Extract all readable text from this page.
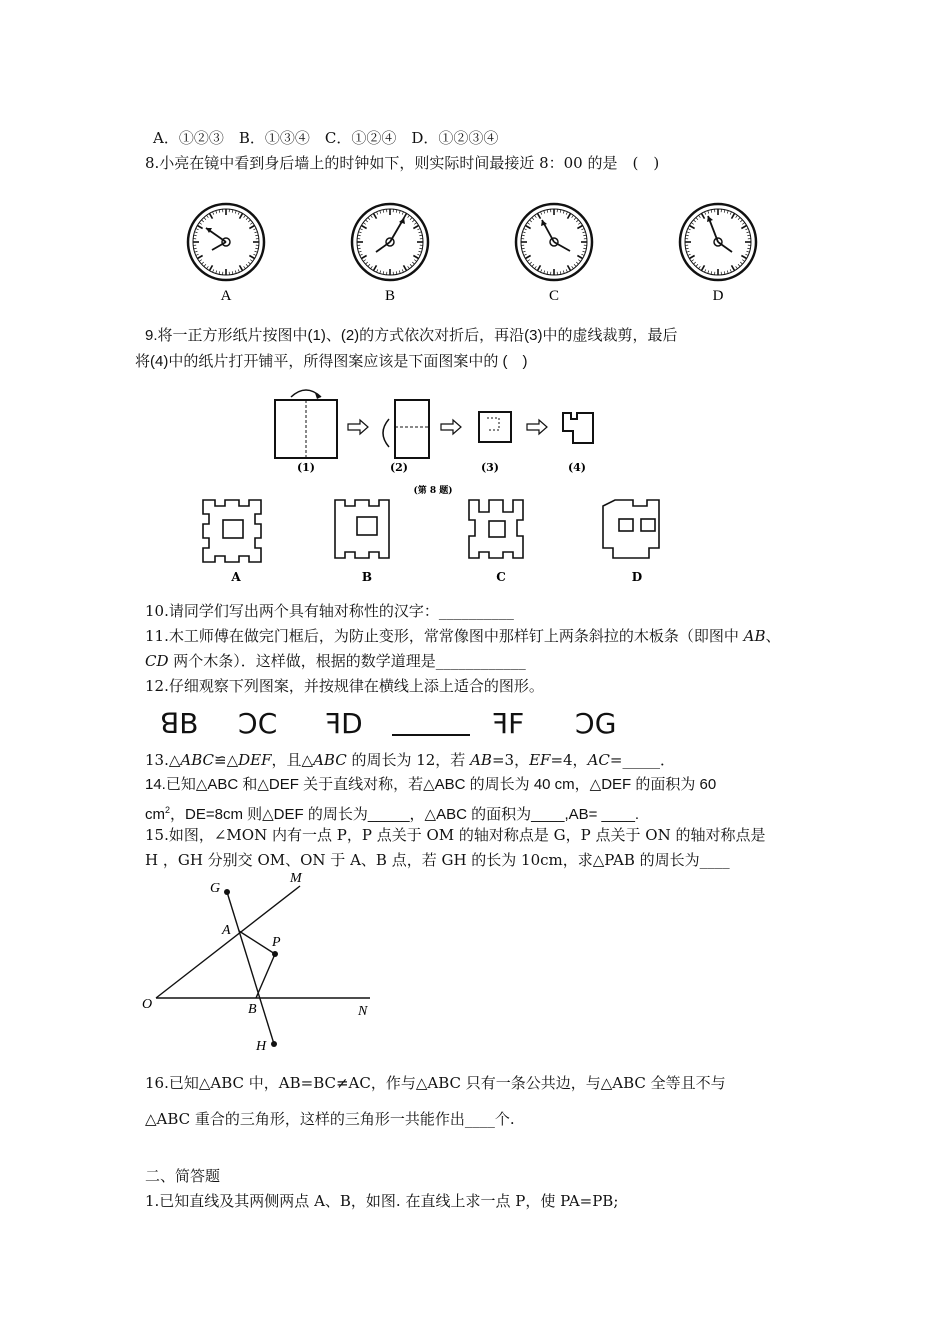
A．①②③　B．①③④　C．①②④　D．①②③④
8.小亮在镜中看到身后墙上的时钟如下，则实际时间最接近 8：00 的是　(　)
A	B	C	D
9.将一正方形纸片按图中(1)、(2)的方式依次对折后，再沿(3)中的虚线裁剪，最后
将(4)中的纸片打开铺平，所得图案应该是下面图案中的 (　)
(1)	(2)	(3)	(4)
(第 8 题)
A	B	C	D
10.请同学们写出两个具有轴对称性的汉字：__________
11.木工师傅在做完门框后，为防止变形，常常像图中那样钉上两条斜拉的木板条（即图中 AB、
CD 两个木条）．这样做，根据的数学道理是____________
12.仔细观察下列图案，并按规律在横线上添上适合的图形。
ꓭB ↃC ꟻD	ꟻF ƆG
13.△ABC≌△DEF，且△ABC 的周长为 12，若 AB=3，EF=4，AC=_____．
14.已知△ABC 和△DEF 关于直线对称，若△ABC 的周长为 40 cm，△DEF 的面积为 60
$cm^2$，DE=8cm 则△DEF 的周长为_____，△ABC 的面积为____,AB= ____.
15.如图，∠MON 内有一点 P，P 点关于 OM 的轴对称点是 G，P 点关于 ON 的轴对称点是
H ，GH 分别交 OM、ON 于 A、B 点，若 GH 的长为 10cm，求△PAB 的周长为____
G
M
A
P
O	B	N
H
16.已知△ABC 中，AB=BC≠AC，作与△ABC 只有一条公共边，与△ABC 全等且不与
△ABC 重合的三角形，这样的三角形一共能作出____个.
二、简答题
1.已知直线及其两侧两点 A、B，如图. 在直线上求一点 P，使 PA=PB;
